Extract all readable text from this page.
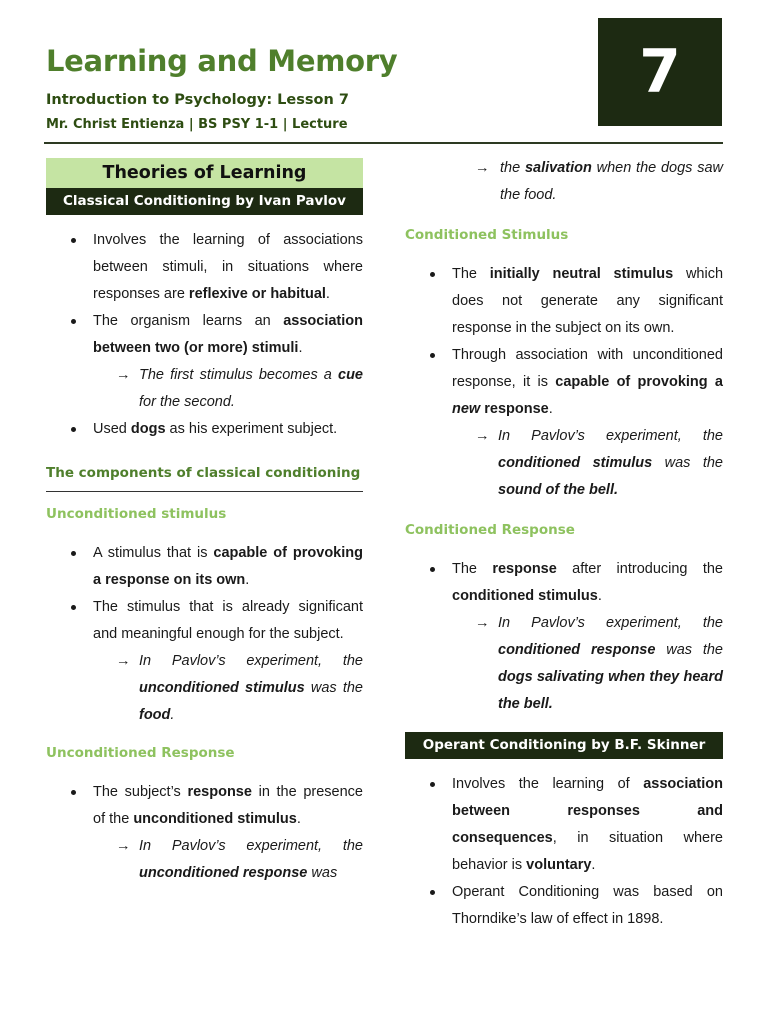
Learning and Memory

Introduction to Psychology: Lesson 7

Mr. Christ Entienza | BS PSY 1-1 | Lecture

7
Theories of Learning
Classical Conditioning by Ivan Pavlov
Involves the learning of associations between stimuli, in situations where responses are reflexive or habitual.
The organism learns an association between two (or more) stimuli.
→ The first stimulus becomes a cue for the second.
Used dogs as his experiment subject.
The components of classical conditioning
Unconditioned stimulus
A stimulus that is capable of provoking a response on its own.
The stimulus that is already significant and meaningful enough for the subject.
→ In Pavlov’s experiment, the unconditioned stimulus was the food.
Unconditioned Response
The subject’s response in the presence of the unconditioned stimulus.
→ In Pavlov’s experiment, the unconditioned response was
→ the salivation when the dogs saw the food.
Conditioned Stimulus
The initially neutral stimulus which does not generate any significant response in the subject on its own.
Through association with unconditioned response, it is capable of provoking a new response.
→ In Pavlov’s experiment, the conditioned stimulus was the sound of the bell.
Conditioned Response
The response after introducing the conditioned stimulus.
→ In Pavlov’s experiment, the conditioned response was the dogs salivating when they heard the bell.
Operant Conditioning by B.F. Skinner
Involves the learning of association between responses and consequences, in situation where behavior is voluntary.
Operant Conditioning was based on Thorndike’s law of effect in 1898.
